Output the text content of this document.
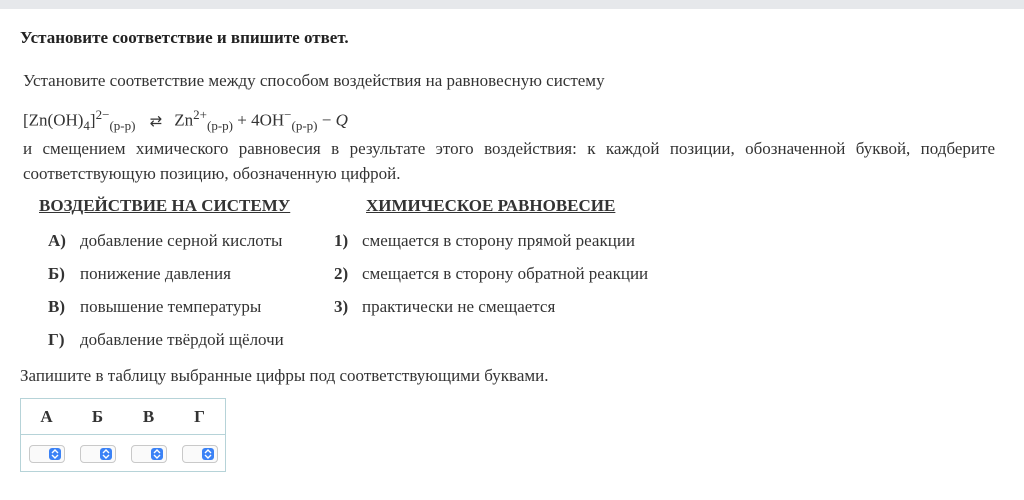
Установите соответствие и впишите ответ.
Установите соответствие между способом воздействия на равновесную систему
$[Zn(OH)_4]^{2-}_{(р-р)}$ ⇄ $Zn^{2+}_{(р-р)} + 4OH^-_{(р-р)} - Q$
и смещением химического равновесия в результате этого воздействия: к каждой позиции, обозначенной буквой, подберите соответствующую позицию, обозначенную цифрой.
ВОЗДЕЙСТВИЕ НА СИСТЕМУ	ХИМИЧЕСКОЕ РАВНОВЕСИЕ
А) добавление серной кислоты
Б) понижение давления
В) повышение температуры
Г) добавление твёрдой щёлочи
1) смещается в сторону прямой реакции
2) смещается в сторону обратной реакции
3) практически не смещается
Запишите в таблицу выбранные цифры под соответствующими буквами.
А	Б	В	Г
